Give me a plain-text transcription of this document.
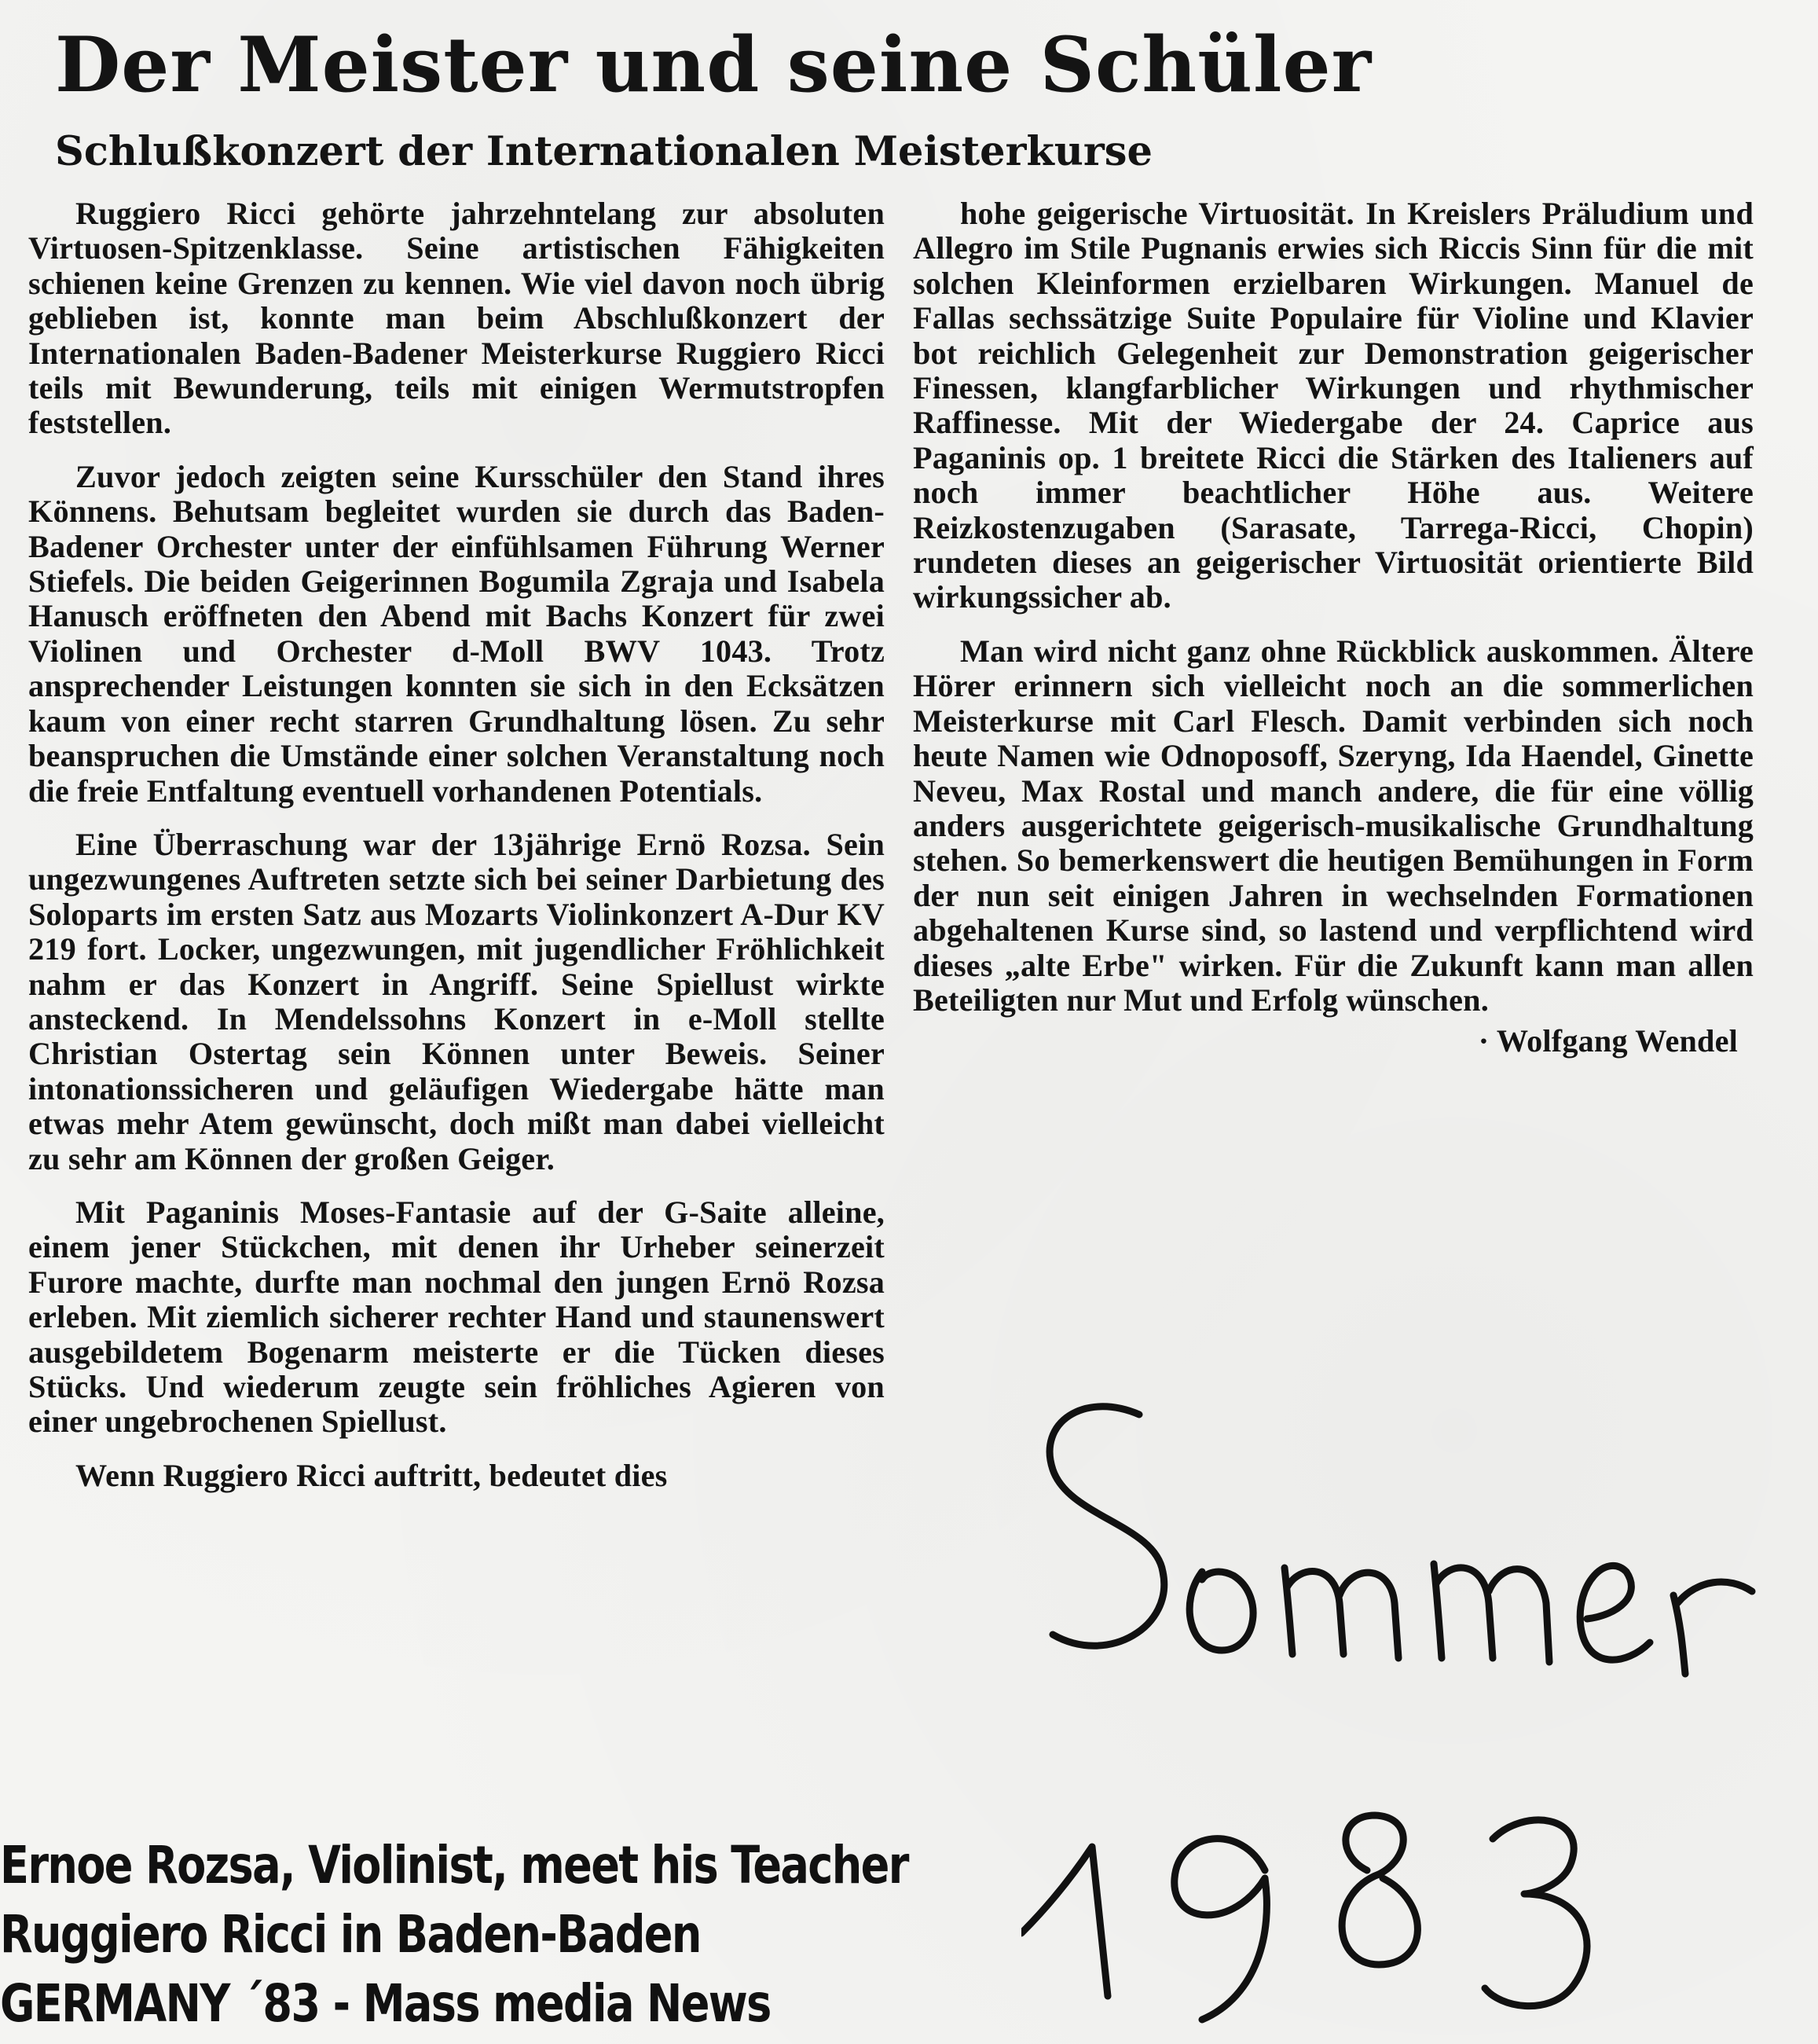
Der Meister und seine Schüler
Schlußkonzert der Internationalen Meisterkurse

Ruggiero Ricci gehörte jahrzehntelang zur absoluten Virtuosen-Spitzenklasse. Seine artistischen Fähigkeiten schienen keine Grenzen zu kennen. Wie viel davon noch übrig geblieben ist, konnte man beim Abschlußkonzert der Internationalen Baden-Badener Meisterkurse Ruggiero Ricci teils mit Bewunderung, teils mit einigen Wermutstropfen feststellen.

Zuvor jedoch zeigten seine Kursschüler den Stand ihres Könnens. Behutsam begleitet wurden sie durch das Baden-Badener Orchester unter der einfühlsamen Führung Werner Stiefels. Die beiden Geigerinnen Bogumila Zgraja und Isabela Hanusch eröffneten den Abend mit Bachs Konzert für zwei Violinen und Orchester d-Moll BWV 1043. Trotz ansprechender Leistungen konnten sie sich in den Ecksätzen kaum von einer recht starren Grundhaltung lösen. Zu sehr beanspruchen die Umstände einer solchen Veranstaltung noch die freie Entfaltung eventuell vorhandenen Potentials.

Eine Überraschung war der 13jährige Ernö Rozsa. Sein ungezwungenes Auftreten setzte sich bei seiner Darbietung des Soloparts im ersten Satz aus Mozarts Violinkonzert A-Dur KV 219 fort. Locker, ungezwungen, mit jugendlicher Fröhlichkeit nahm er das Konzert in Angriff. Seine Spiellust wirkte ansteckend. In Mendelssohns Konzert in e-Moll stellte Christian Ostertag sein Können unter Beweis. Seiner intonationssicheren und geläufigen Wiedergabe hätte man etwas mehr Atem gewünscht, doch mißt man dabei vielleicht zu sehr am Können der großen Geiger.

Mit Paganinis Moses-Fantasie auf der G-Saite alleine, einem jener Stückchen, mit denen ihr Urheber seinerzeit Furore machte, durfte man nochmal den jungen Ernö Rozsa erleben. Mit ziemlich sicherer rechter Hand und staunenswert ausgebildetem Bogenarm meisterte er die Tücken dieses Stücks. Und wiederum zeugte sein fröhliches Agieren von einer ungebrochenen Spiellust.

Wenn Ruggiero Ricci auftritt, bedeutet dies

hohe geigerische Virtuosität. In Kreislers Präludium und Allegro im Stile Pugnanis erwies sich Riccis Sinn für die mit solchen Kleinformen erzielbaren Wirkungen. Manuel de Fallas sechssätzige Suite Populaire für Violine und Klavier bot reichlich Gelegenheit zur Demonstration geigerischer Finessen, klangfarblicher Wirkungen und rhythmischer Raffinesse. Mit der Wiedergabe der 24. Caprice aus Paganinis op. 1 breitete Ricci die Stärken des Italieners auf noch immer beachtlicher Höhe aus. Weitere Reizkostenzugaben (Sarasate, Tarrega-Ricci, Chopin) rundeten dieses an geigerischer Virtuosität orientierte Bild wirkungssicher ab.

Man wird nicht ganz ohne Rückblick auskommen. Ältere Hörer erinnern sich vielleicht noch an die sommerlichen Meisterkurse mit Carl Flesch. Damit verbinden sich noch heute Namen wie Odnoposoff, Szeryng, Ida Haendel, Ginette Neveu, Max Rostal und manch andere, die für eine völlig anders ausgerichtete geigerisch-musikalische Grundhaltung stehen. So bemerkenswert die heutigen Bemühungen in Form der nun seit einigen Jahren in wechselnden Formationen abgehaltenen Kurse sind, so lastend und verpflichtend wird dieses „alte Erbe" wirken. Für die Zukunft kann man allen Beteiligten nur Mut und Erfolg wünschen.

· Wolfgang Wendel

Ernoe Rozsa, Violinist, meet his Teacher
Ruggiero Ricci in Baden-Baden
GERMANY ´83 - Mass media News
